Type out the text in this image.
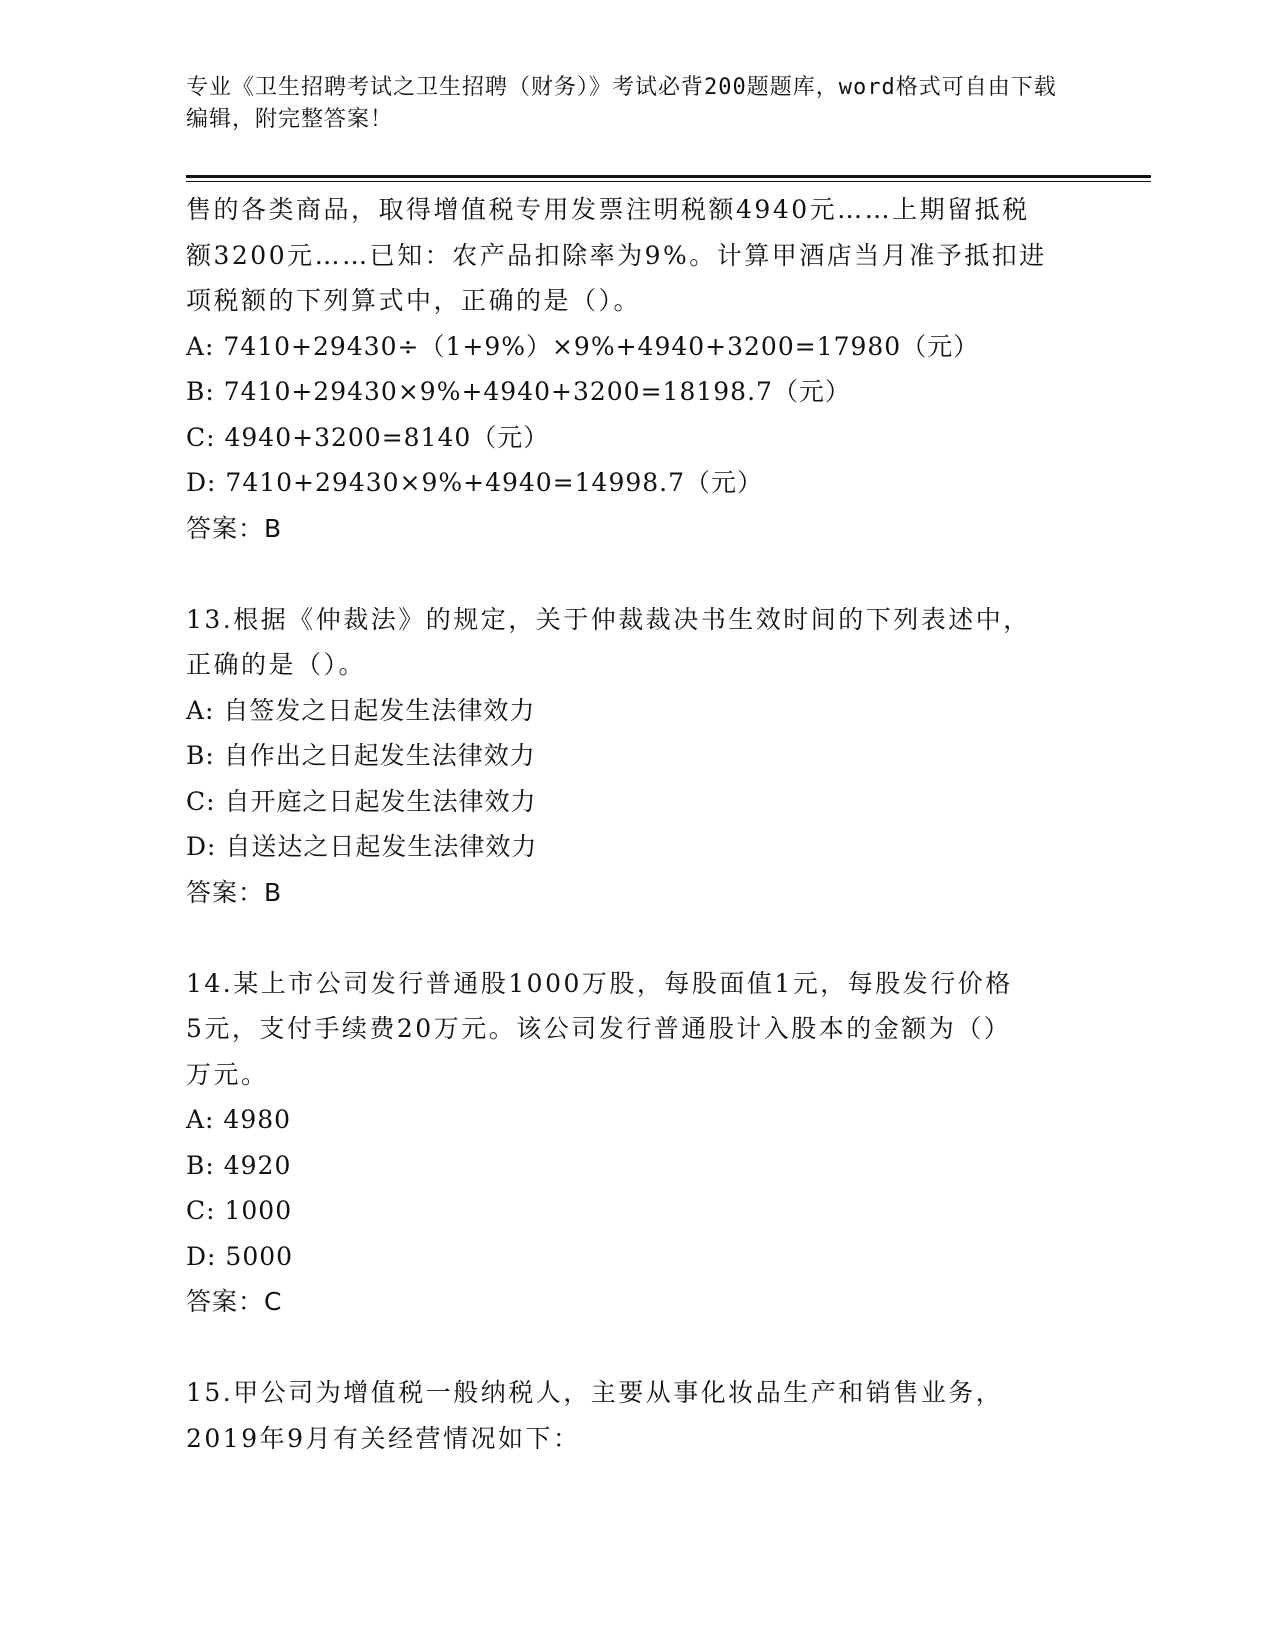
专业《卫生招聘考试之卫生招聘（财务）》考试必背200题题库，word格式可自由下载编辑，附完整答案！

售的各类商品，取得增值税专用发票注明税额4940元……上期留抵税

额3200元……已知：农产品扣除率为9%。计算甲酒店当月准予抵扣进

项税额的下列算式中，正确的是（）。

A: 7410+29430÷（1+9%）×9%+4940+3200=17980（元）

B: 7410+29430×9%+4940+3200=18198.7（元）

C: 4940+3200=8140（元）

D: 7410+29430×9%+4940=14998.7（元）

答案：B

13.根据《仲裁法》的规定，关于仲裁裁决书生效时间的下列表述中，

正确的是（）。

A: 自签发之日起发生法律效力

B: 自作出之日起发生法律效力

C: 自开庭之日起发生法律效力

D: 自送达之日起发生法律效力

答案：B

14.某上市公司发行普通股1000万股，每股面值1元，每股发行价格

5元，支付手续费20万元。该公司发行普通股计入股本的金额为（）

万元。

A: 4980

B: 4920

C: 1000

D: 5000

答案：C

15.甲公司为增值税一般纳税人，主要从事化妆品生产和销售业务，

2019年9月有关经营情况如下：
